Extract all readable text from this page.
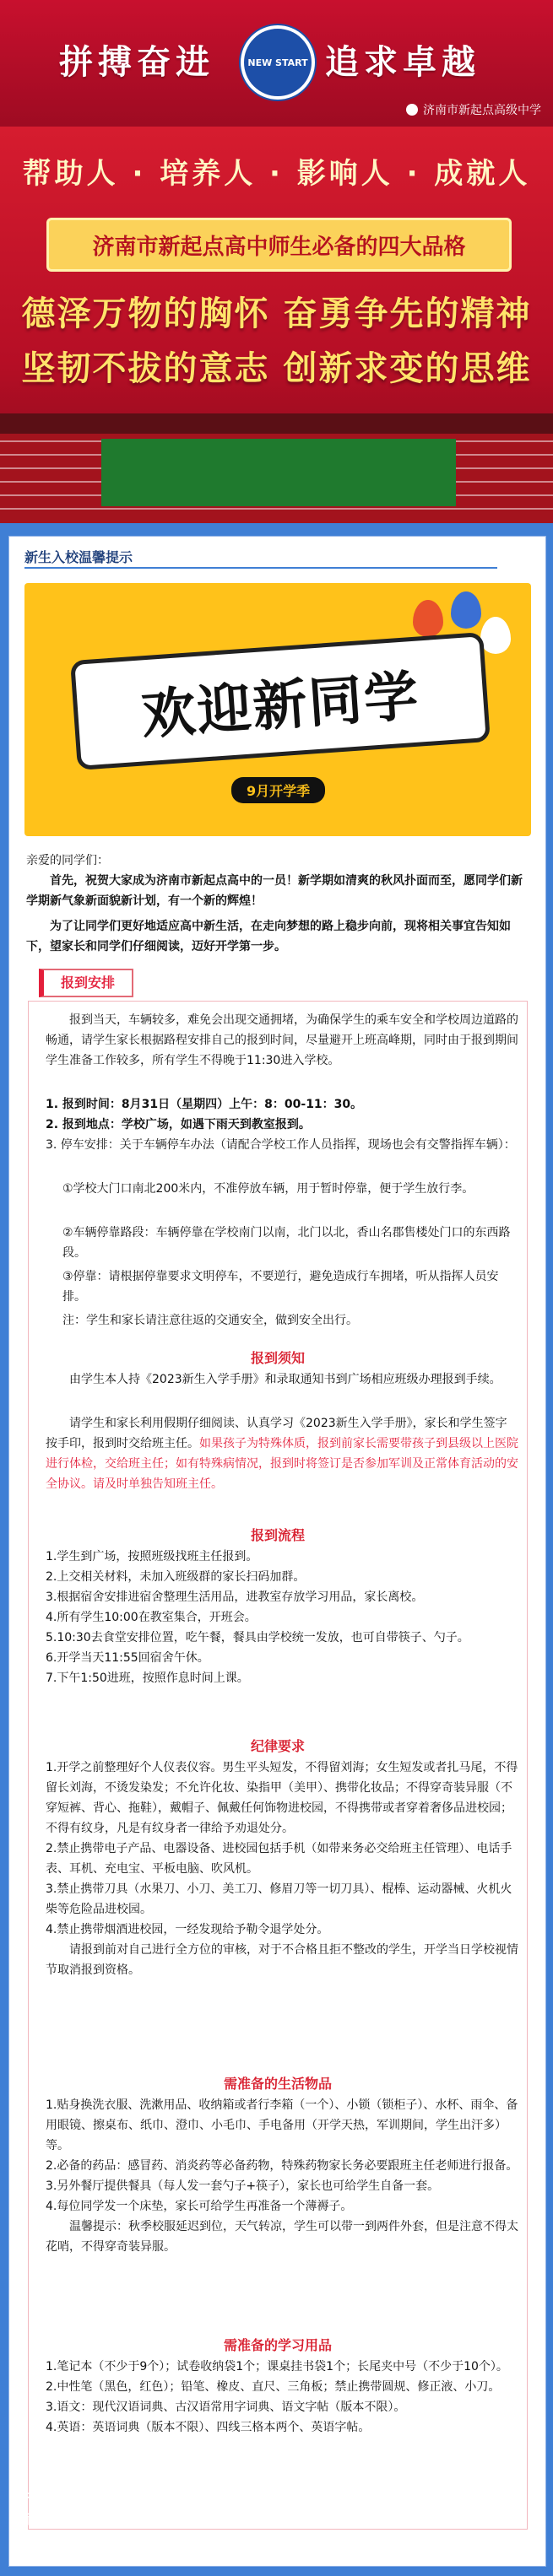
拼搏奋进	NEW START 追求卓越
济南市新起点高级中学
帮助人 · 培养人 · 影响人 · 成就人
济南市新起点高中师生必备的四大品格
德泽万物的胸怀 奋勇争先的精神
坚韧不拔的意志 创新求变的思维
新生入校温馨提示
欢迎新同学
9月开学季
亲爱的同学们：
首先，祝贺大家成为济南市新起点高中的一员！新学期如清爽的秋风扑面而至，愿同学们新学期新气象新面貌新计划，有一个新的辉煌！
为了让同学们更好地适应高中新生活，在走向梦想的路上稳步向前，现将相关事宜告知如下，望家长和同学们仔细阅读，迈好开学第一步。
报到安排
报到当天，车辆较多，难免会出现交通拥堵，为确保学生的乘车安全和学校周边道路的畅通，请学生家长根据路程安排自己的报到时间，尽量避开上班高峰期，同时由于报到期间学生准备工作较多，所有学生不得晚于11:30进入学校。
1. 报到时间：8月31日（星期四）上午：8：00-11：30。
2. 报到地点：学校广场，如遇下雨天到教室报到。
3. 停车安排：关于车辆停车办法（请配合学校工作人员指挥，现场也会有交警指挥车辆）：
①学校大门口南北200米内，不准停放车辆，用于暂时停靠，便于学生放行李。
②车辆停靠路段：车辆停靠在学校南门以南，北门以北，香山名郡售楼处门口的东西路段。
③停靠：请根据停靠要求文明停车，不要逆行，避免造成行车拥堵，听从指挥人员安排。
注：学生和家长请注意往返的交通安全，做到安全出行。
报到须知
由学生本人持《2023新生入学手册》和录取通知书到广场相应班级办理报到手续。
请学生和家长利用假期仔细阅读、认真学习《2023新生入学手册》，家长和学生签字按手印，报到时交给班主任。如果孩子为特殊体质，报到前家长需要带孩子到县级以上医院进行体检，交给班主任；如有特殊病情况，报到时将签订是否参加军训及正常体育活动的安全协议。请及时单独告知班主任。
报到流程
1.学生到广场，按照班级找班主任报到。
2.上交相关材料，未加入班级群的家长扫码加群。
3.根据宿舍安排进宿舍整理生活用品，进教室存放学习用品，家长离校。
4.所有学生10:00在教室集合，开班会。
5.10:30去食堂安排位置，吃午餐，餐具由学校统一发放，也可自带筷子、勺子。
6.开学当天11:55回宿舍午休。
7.下午1:50进班，按照作息时间上课。
纪律要求
1.开学之前整理好个人仪表仪容。男生平头短发，不得留刘海；女生短发或者扎马尾，不得留长刘海，不烫发染发；不允许化妆、染指甲（美甲）、携带化妆品；不得穿奇装异服（不穿短裤、背心、拖鞋），戴帽子、佩戴任何饰物进校园，不得携带或者穿着奢侈品进校园；不得有纹身，凡是有纹身者一律给予劝退处分。
2.禁止携带电子产品、电器设备、进校园包括手机（如带来务必交给班主任管理）、电话手表、耳机、充电宝、平板电脑、吹风机。
3.禁止携带刀具（水果刀、小刀、美工刀、修眉刀等一切刀具）、棍棒、运动器械、火机火柴等危险品进校园。
4.禁止携带烟酒进校园，一经发现给予勒令退学处分。
请报到前对自己进行全方位的审核，对于不合格且拒不整改的学生，开学当日学校视情节取消报到资格。
需准备的生活物品
1.贴身换洗衣服、洗漱用品、收纳箱或者行李箱（一个）、小锁（锁柜子）、水杯、雨伞、备用眼镜、擦桌布、纸巾、澄巾、小毛巾、手电备用（开学天热，军训期间，学生出汗多）等。
2.必备的药品：感冒药、消炎药等必备药物，特殊药物家长务必要跟班主任老师进行报备。
3.另外餐厅提供餐具（每人发一套勺子+筷子），家长也可给学生自备一套。
4.每位同学发一个床垫，家长可给学生再准备一个薄褥子。
温馨提示：秋季校服延迟到位，天气转凉，学生可以带一到两件外套，但是注意不得太花哨，不得穿奇装异服。
需准备的学习用品
1.笔记本（不少于9个）；试卷收纳袋1个；课桌挂书袋1个；长尾夹中号（不少于10个）。
2.中性笔（黑色，红色）；铅笔、橡皮、直尺、三角板；禁止携带圆规、修正液、小刀。
3.语文：现代汉语词典、古汉语常用字词典、语文字帖（版本不限）。
4.英语：英语词典（版本不限）、四线三格本两个、英语字帖。
新学期新起点，同学们，让我们用奋斗和汗水书写青春篇章，在我们相遇，以全新的精神面貌投入学习和生活中，开启高中新征程！
